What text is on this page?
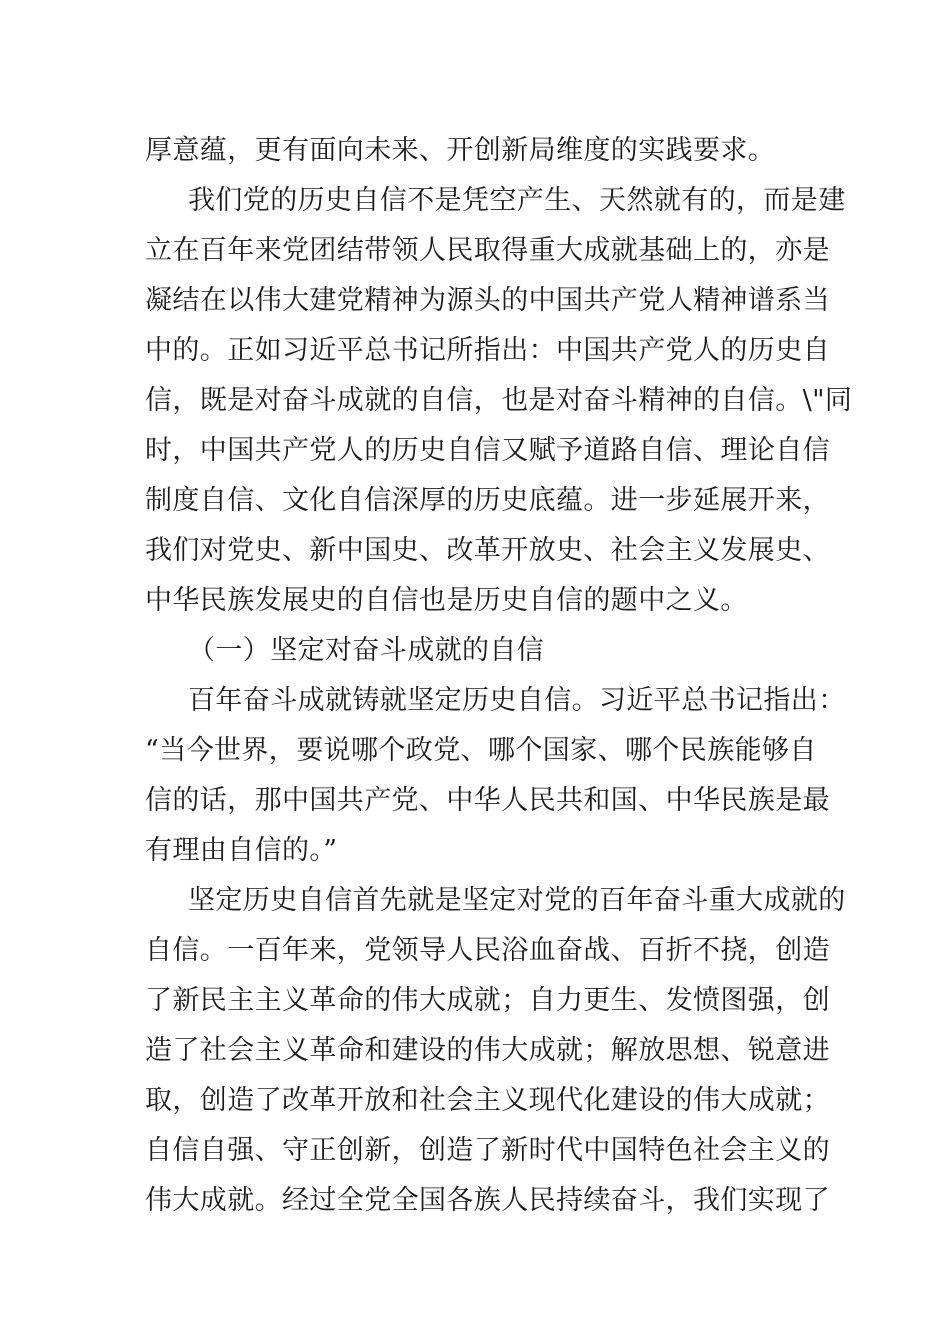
厚意蕴，更有面向未来、开创新局维度的实践要求。
我们党的历史自信不是凭空产生、天然就有的，而是建
立在百年来党团结带领人民取得重大成就基础上的，亦是
凝结在以伟大建党精神为源头的中国共产党人精神谱系当
中的。正如习近平总书记所指出：中国共产党人的历史自
信，既是对奋斗成就的自信，也是对奋斗精神的自信。\"同
时，中国共产党人的历史自信又赋予道路自信、理论自信
制度自信、文化自信深厚的历史底蕴。进一步延展开来，
我们对党史、新中国史、改革开放史、社会主义发展史、
中华民族发展史的自信也是历史自信的题中之义。
（一）坚定对奋斗成就的自信
百年奋斗成就铸就坚定历史自信。习近平总书记指出：
“当今世界，要说哪个政党、哪个国家、哪个民族能够自
信的话，那中国共产党、中华人民共和国、中华民族是最
有理由自信的。”
坚定历史自信首先就是坚定对党的百年奋斗重大成就的
自信。一百年来，党领导人民浴血奋战、百折不挠，创造
了新民主主义革命的伟大成就；自力更生、发愤图强，创
造了社会主义革命和建设的伟大成就；解放思想、锐意进
取，创造了改革开放和社会主义现代化建设的伟大成就；
自信自强、守正创新，创造了新时代中国特色社会主义的
伟大成就。经过全党全国各族人民持续奋斗，我们实现了
